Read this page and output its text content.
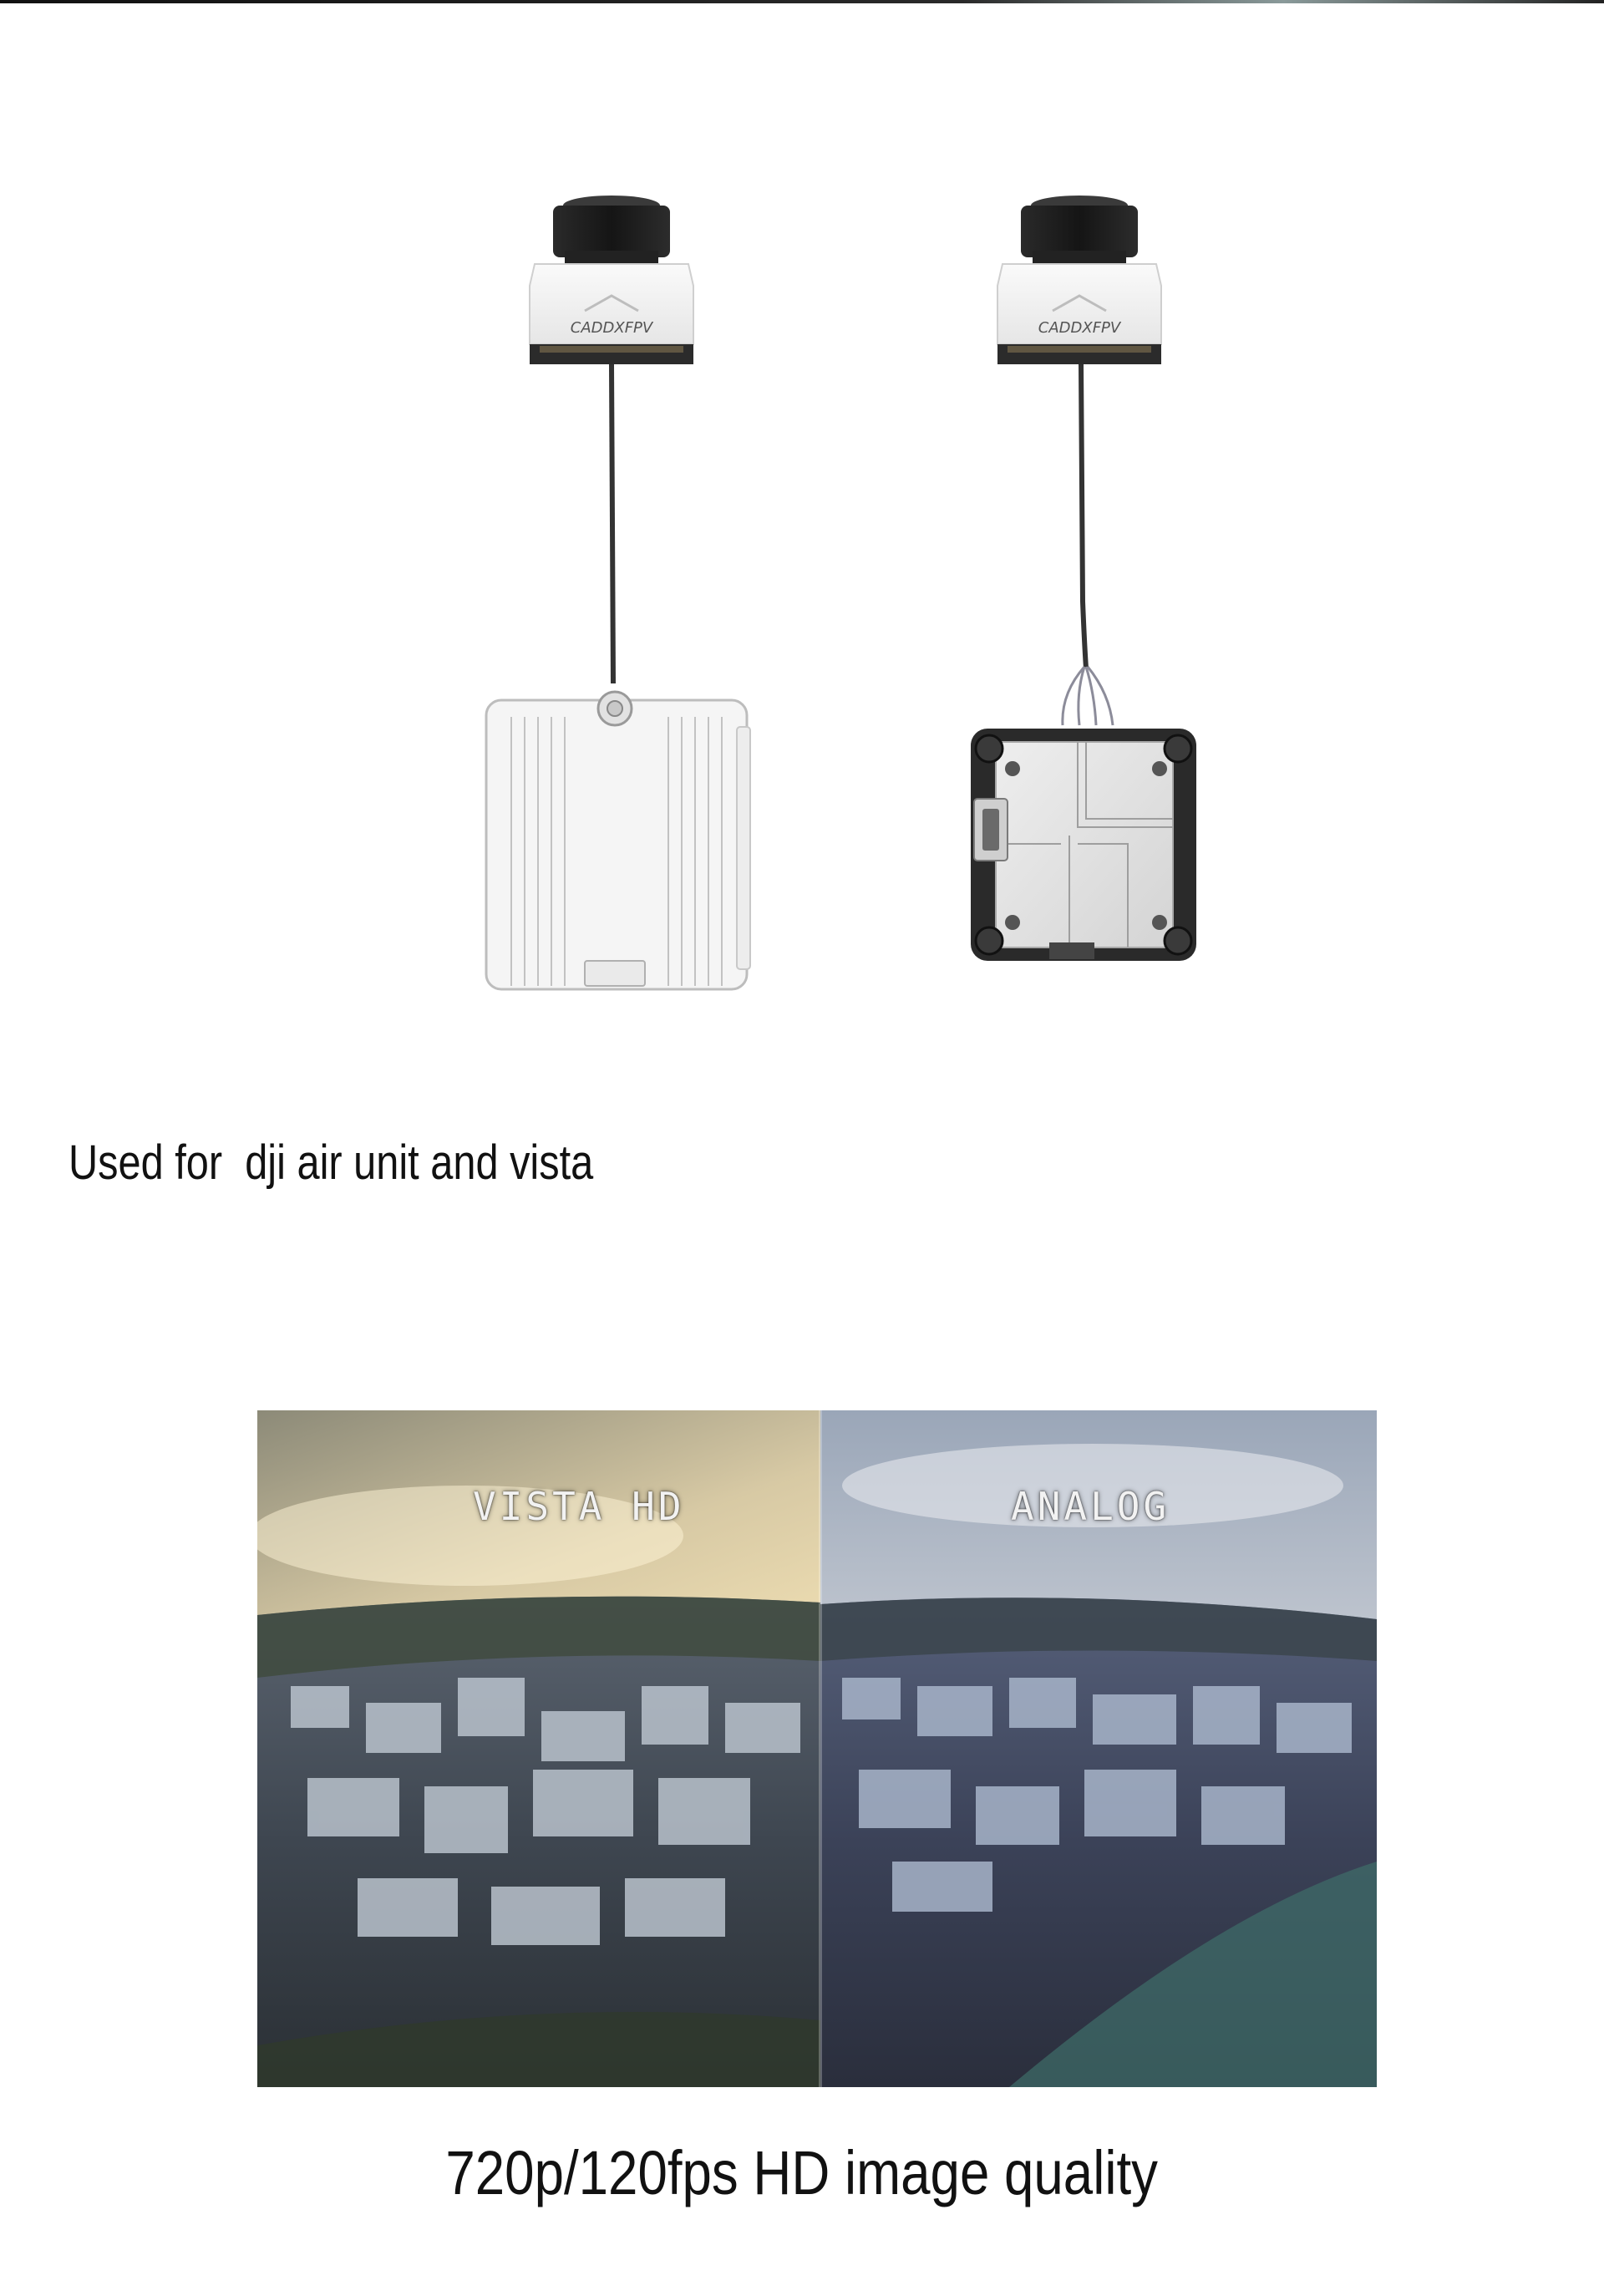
CADDXFPV	CADDXFPV
Used for  dji air unit and vista
VISTA HD	ANALOG
720p/120fps HD image quality
